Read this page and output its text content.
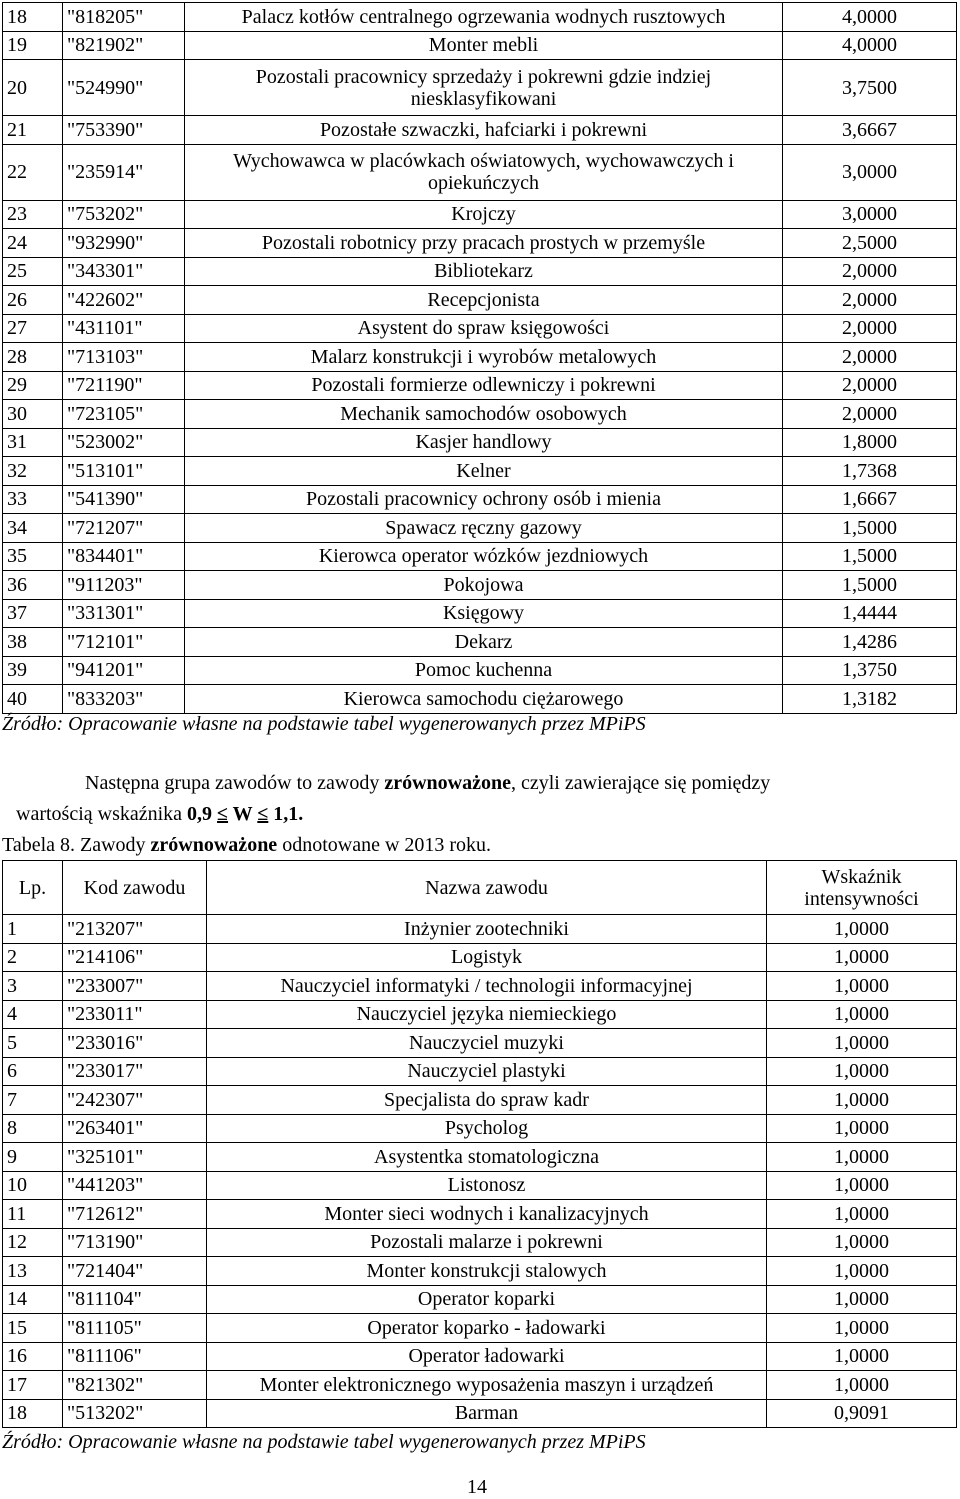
18	"818205"	Palacz kotłów centralnego ogrzewania wodnych rusztowych	4,0000
19	"821902"	Monter mebli	4,0000
20	"524990"	Pozostali pracownicy sprzedaży i pokrewni gdzie indziej niesklasyfikowani	3,7500
21	"753390"	Pozostałe szwaczki, hafciarki i pokrewni	3,6667
22	"235914"	Wychowawca w placówkach oświatowych, wychowawczych i opiekuńczych	3,0000
23	"753202"	Krojczy	3,0000
24	"932990"	Pozostali robotnicy przy pracach prostych w przemyśle	2,5000
25	"343301"	Bibliotekarz	2,0000
26	"422602"	Recepcjonista	2,0000
27	"431101"	Asystent do spraw księgowości	2,0000
28	"713103"	Malarz konstrukcji i wyrobów metalowych	2,0000
29	"721190"	Pozostali formierze odlewniczy i pokrewni	2,0000
30	"723105"	Mechanik samochodów osobowych	2,0000
31	"523002"	Kasjer handlowy	1,8000
32	"513101"	Kelner	1,7368
33	"541390"	Pozostali pracownicy ochrony osób i mienia	1,6667
34	"721207"	Spawacz ręczny gazowy	1,5000
35	"834401"	Kierowca operator wózków jezdniowych	1,5000
36	"911203"	Pokojowa	1,5000
37	"331301"	Księgowy	1,4444
38	"712101"	Dekarz	1,4286
39	"941201"	Pomoc kuchenna	1,3750
40	"833203"	Kierowca samochodu ciężarowego	1,3182
Źródło: Opracowanie własne na podstawie tabel wygenerowanych przez MPiPS
Następna grupa zawodów to zawody zrównoważone, czyli zawierające się pomiędzy
wartością wskaźnika 0,9 ≤ W ≤ 1,1.
Tabela 8. Zawody zrównoważone odnotowane w 2013 roku.
Lp.	Kod zawodu	Nazwa zawodu	Wskaźnik intensywności
1	"213207"	Inżynier zootechniki	1,0000
2	"214106"	Logistyk	1,0000
3	"233007"	Nauczyciel informatyki / technologii informacyjnej	1,0000
4	"233011"	Nauczyciel języka niemieckiego	1,0000
5	"233016"	Nauczyciel muzyki	1,0000
6	"233017"	Nauczyciel plastyki	1,0000
7	"242307"	Specjalista do spraw kadr	1,0000
8	"263401"	Psycholog	1,0000
9	"325101"	Asystentka stomatologiczna	1,0000
10	"441203"	Listonosz	1,0000
11	"712612"	Monter sieci wodnych i kanalizacyjnych	1,0000
12	"713190"	Pozostali malarze i pokrewni	1,0000
13	"721404"	Monter konstrukcji stalowych	1,0000
14	"811104"	Operator koparki	1,0000
15	"811105"	Operator koparko - ładowarki	1,0000
16	"811106"	Operator ładowarki	1,0000
17	"821302"	Monter elektronicznego wyposażenia maszyn i urządzeń	1,0000
18	"513202"	Barman	0,9091
Źródło: Opracowanie własne na podstawie tabel wygenerowanych przez MPiPS
14
